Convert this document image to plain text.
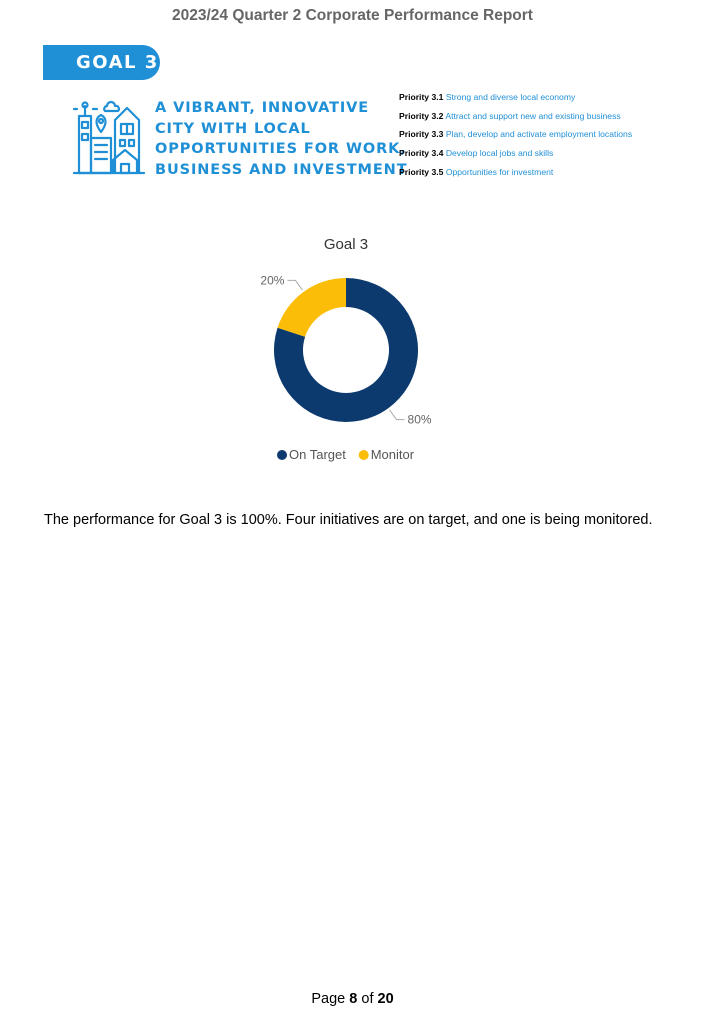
2023/24 Quarter 2 Corporate Performance Report
GOAL 3
A VIBRANT, INNOVATIVE
CITY WITH LOCAL
OPPORTUNITIES FOR WORK,
BUSINESS AND INVESTMENT
Priority 3.1 Strong and diverse local economy
Priority 3.2 Attract and support new and existing business
Priority 3.3 Plan, develop and activate employment locations
Priority 3.4 Develop local jobs and skills
Priority 3.5 Opportunities for investment
Goal 3
80%
20%
On Target Monitor
The performance for Goal 3 is 100%. Four initiatives are on target, and one is being monitored.
Page 8 of 20
